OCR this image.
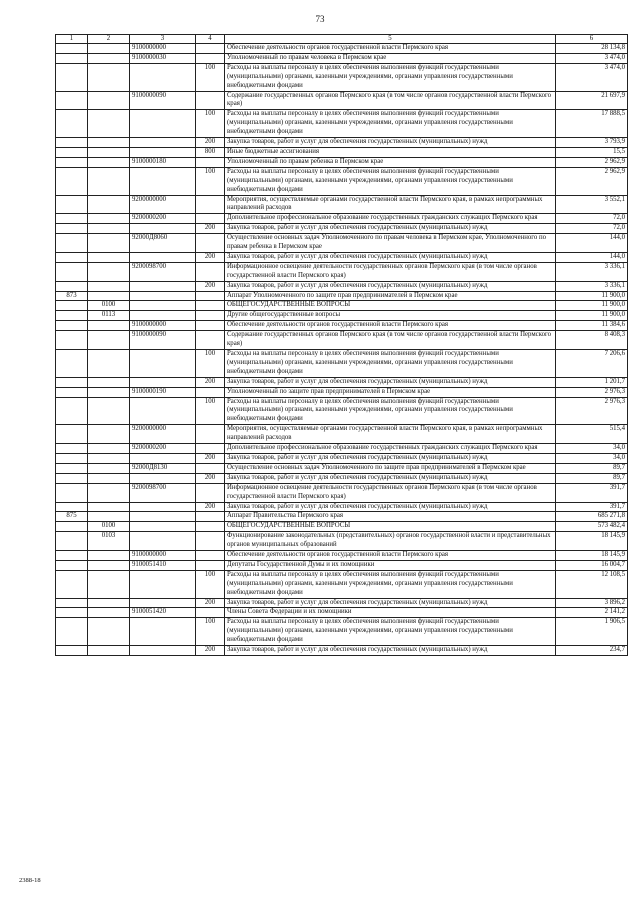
73
1	2	3	4	5	6
		9100000000		Обеспечение деятельности органов государственной власти Пермского края	28 134,8
		9100000030		Уполномоченный по правам человека в Пермском крае	3 474,0
			100	Расходы на выплаты персоналу в целях обеспечения выполнения функций государственными (муниципальными) органами, казенными учреждениями, органами управления государственными внебюджетными фондами	3 474,0
		9100000090		Содержание государственных органов Пермского края (в том числе органов государственной власти Пермского края)	21 697,9
			100	Расходы на выплаты персоналу в целях обеспечения выполнения функций государственными (муниципальными) органами, казенными учреждениями, органами управления государственными внебюджетными фондами	17 888,5
			200	Закупка товаров, работ и услуг для обеспечения государственных (муниципальных) нужд	3 793,9
			800	Иные бюджетные ассигнования	15,5
		9100000180		Уполномоченный по правам ребенка в Пермском крае	2 962,9
			100	Расходы на выплаты персоналу в целях обеспечения выполнения функций государственными (муниципальными) органами, казенными учреждениями, органами управления государственными внебюджетными фондами	2 962,9
		9200000000		Мероприятия, осуществляемые органами государственной власти Пермского края, в рамках непрограммных направлений расходов	3 552,1
		9200000200		Дополнительное профессиональное образование государственных гражданских служащих Пермского края	72,0
			200	Закупка товаров, работ и услуг для обеспечения государственных (муниципальных) нужд	72,0
		92000Д8060		Осуществление основных задач Уполномоченного по правам человека в Пермском крае, Уполномоченного по правам ребенка в Пермском крае	144,0
			200	Закупка товаров, работ и услуг для обеспечения государственных (муниципальных) нужд	144,0
		9200098700		Информационное освещение деятельности государственных органов Пермского края (в том числе органов государственной власти Пермского края)	3 336,1
			200	Закупка товаров, работ и услуг для обеспечения государственных (муниципальных) нужд	3 336,1
873				Аппарат Уполномоченного по защите прав предпринимателей в Пермском крае	11 900,0
	0100			ОБЩЕГОСУДАРСТВЕННЫЕ ВОПРОСЫ	11 900,0
	0113			Другие общегосударственные вопросы	11 900,0
		9100000000		Обеспечение деятельности органов государственной власти Пермского края	11 384,6
		9100000090		Содержание государственных органов Пермского края (в том числе органов государственной власти Пермского края)	8 408,3
			100	Расходы на выплаты персоналу в целях обеспечения выполнения функций государственными (муниципальными) органами, казенными учреждениями, органами управления государственными внебюджетными фондами	7 206,6
			200	Закупка товаров, работ и услуг для обеспечения государственных (муниципальных) нужд	1 201,7
		9100000190		Уполномоченный по защите прав предпринимателей в Пермском крае	2 976,3
			100	Расходы на выплаты персоналу в целях обеспечения выполнения функций государственными (муниципальными) органами, казенными учреждениями, органами управления государственными внебюджетными фондами	2 976,3
		9200000000		Мероприятия, осуществляемые органами государственной власти Пермского края, в рамках непрограммных направлений расходов	515,4
		9200000200		Дополнительное профессиональное образование государственных гражданских служащих Пермского края	34,0
			200	Закупка товаров, работ и услуг для обеспечения государственных (муниципальных) нужд	34,0
		92000Д8130		Осуществление основных задач Уполномоченного по защите прав предпринимателей в Пермском крае	89,7
			200	Закупка товаров, работ и услуг для обеспечения государственных (муниципальных) нужд	89,7
		9200098700		Информационное освещение деятельности государственных органов Пермского края (в том числе органов государственной власти Пермского края)	391,7
			200	Закупка товаров, работ и услуг для обеспечения государственных (муниципальных) нужд	391,7
875				Аппарат Правительства Пермского края	685 271,8
	0100			ОБЩЕГОСУДАРСТВЕННЫЕ ВОПРОСЫ	573 482,4
	0103			Функционирование законодательных (представительных) органов государственной власти и представительных органов муниципальных образований	18 145,9
		9100000000		Обеспечение деятельности органов государственной власти Пермского края	18 145,9
		9100051410		Депутаты Государственной Думы и их помощники	16 004,7
			100	Расходы на выплаты персоналу в целях обеспечения выполнения функций государственными (муниципальными) органами, казенными учреждениями, органами управления государственными внебюджетными фондами	12 108,5
			200	Закупка товаров, работ и услуг для обеспечения государственных (муниципальных) нужд	3 896,2
		9100051420		Члены Совета Федерации и их помощники	2 141,2
			100	Расходы на выплаты персоналу в целях обеспечения выполнения функций государственными (муниципальными) органами, казенными учреждениями, органами управления государственными внебюджетными фондами	1 906,5
			200	Закупка товаров, работ и услуг для обеспечения государственных (муниципальных) нужд	234,7
2388-18
